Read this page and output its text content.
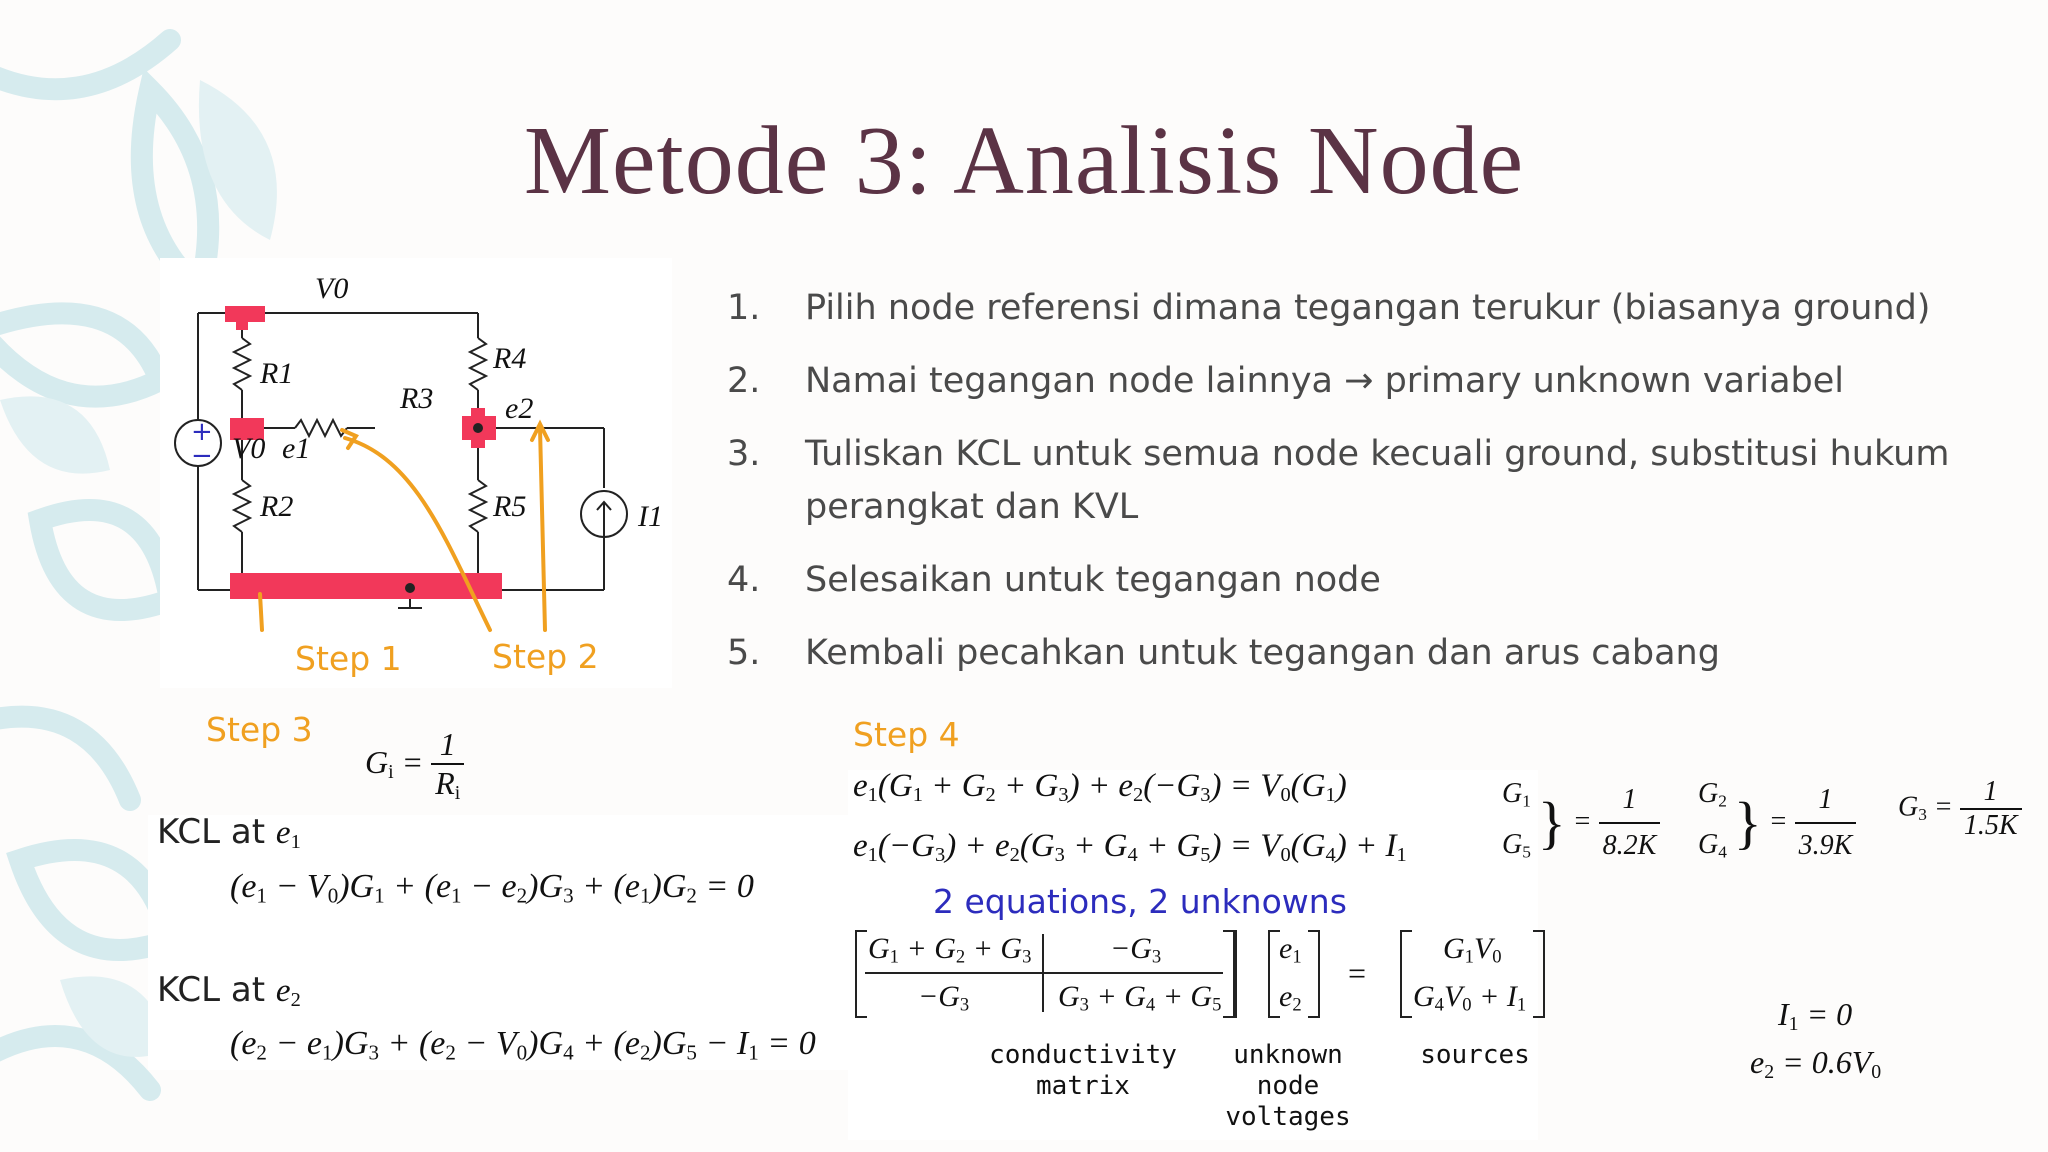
Metode 3: Analisis Node
1. Pilih node referensi dimana tegangan terukur (biasanya ground)
2. Namai tegangan node lainnya → primary unknown variabel
3. Tuliskan KCL untuk semua node kecuali ground, substitusi hukum perangkat dan KVL
4. Selesaikan untuk tegangan node
5. Kembali pecahkan untuk tegangan dan arus cabang
V0
R1
R3
R2
R4
R5
V0 e1
e2
I1
+
−
Step 1	Step 2
Step 3
$G_i = \frac{1}{R_i}$
KCL at $e_1$
$(e_1 - V_0)G_1 + (e_1 - e_2)G_3 + (e_1)G_2 = 0$
KCL at $e_2$
$(e_2 - e_1)G_3 + (e_2 - V_0)G_4 + (e_2)G_5 - I_1 = 0$
Step 4
$e_1(G_1 + G_2 + G_3) + e_2(-G_3) = V_0(G_1)$
$e_1(-G_3) + e_2(G_3 + G_4 + G_5) = V_0(G_4) + I_1$
2 equations, 2 unknowns
$G_1 + G_2 + G_3$	$-G_3$
$-G_3$	$G_3 + G_4 + G_5$
$e_1$
$e_2$
=
$G_1V_0$
$G_4V_0 + I_1$
conductivity
matrix
unknown
node
voltages
sources
$G_1$
$G_5$ } = $\frac{1}{8.2K} G_2$
$G_4$ } = $\frac{1}{3.9K} G_3 = \frac{1}{1.5K}$
$I_1 = 0$
$e_2 = 0.6V_0$
